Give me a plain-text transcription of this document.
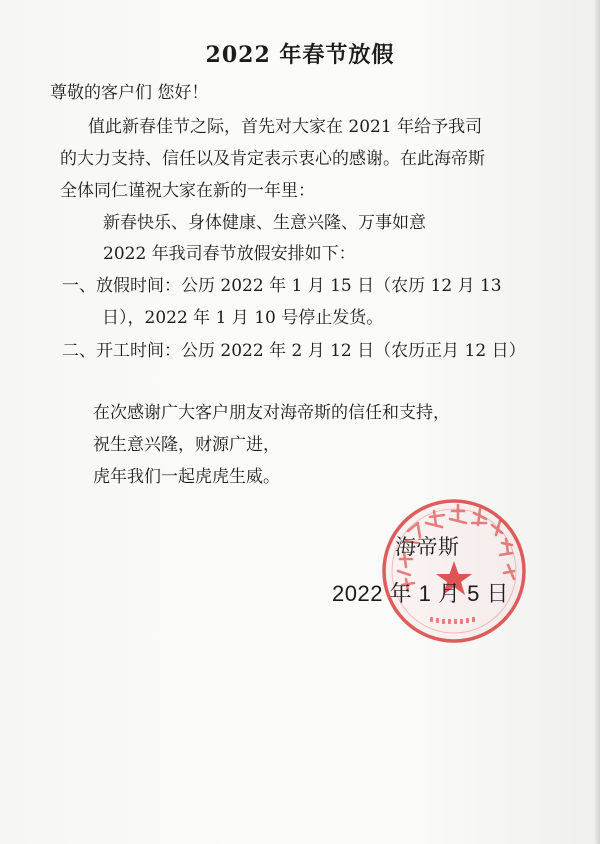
2022 年春节放假
尊敬的客户们 您好！
值此新春佳节之际，首先对大家在 2021 年给予我司
的大力支持、信任以及肯定表示衷心的感谢。在此海帝斯
全体同仁谨祝大家在新的一年里：
新春快乐、身体健康、生意兴隆、万事如意
2022 年我司春节放假安排如下：
一、放假时间：公历 2022 年 1 月 15 日（农历 12 月 13
日），2022 年 1 月 10 号停止发货。
二、开工时间：公历 2022 年 2 月 12 日（农历正月 12 日）
在次感谢广大客户朋友对海帝斯的信任和支持，
祝生意兴隆，财源广进，
虎年我们一起虎虎生威。
海帝斯
2022 年 1 月 5 日
